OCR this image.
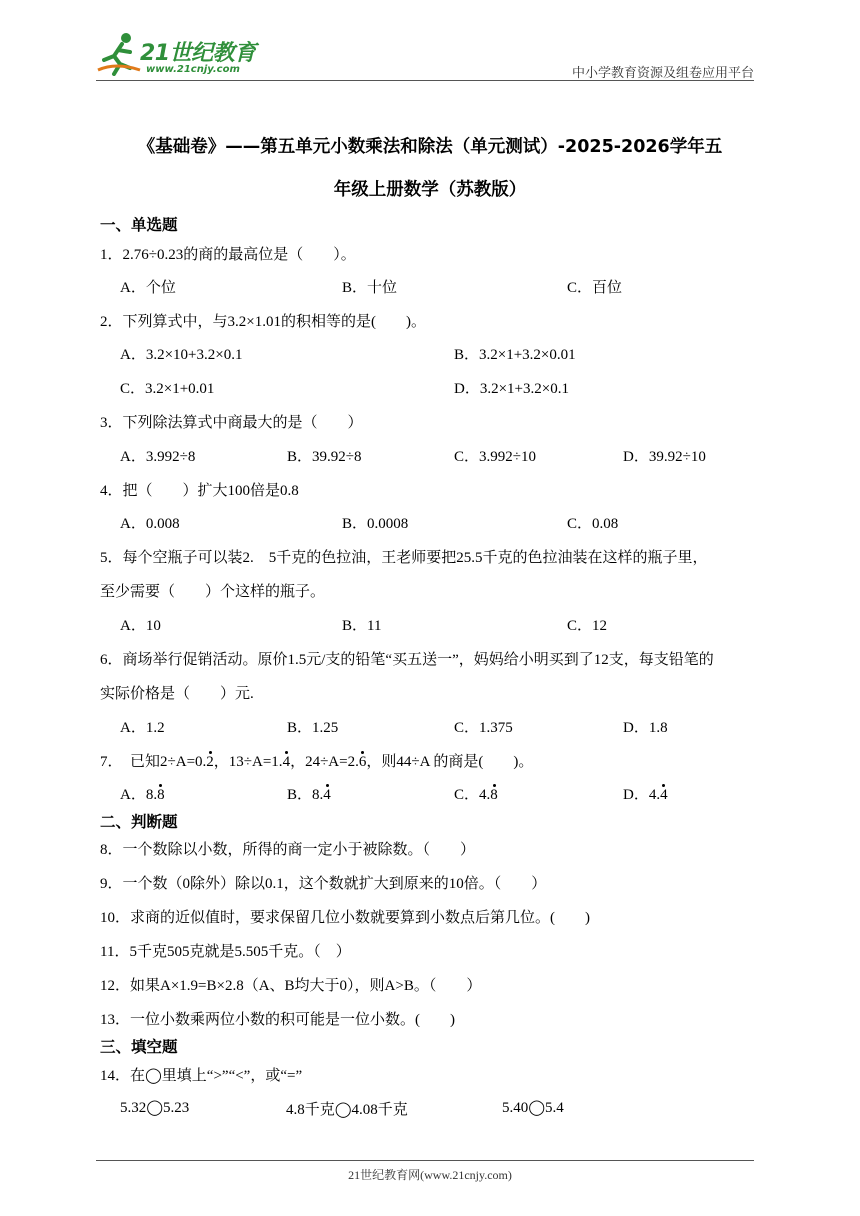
21世纪教育
www.21cnjy.com	中小学教育资源及组卷应用平台
《基础卷》——第五单元小数乘法和除法（单元测试）-2025-2026学年五
年级上册数学（苏教版）
一、单选题
1．2.76÷0.23的商的最高位是（　　）。
A．个位	B．十位	C．百位
2．下列算式中，与3.2×1.01的积相等的是(　　)。
A．3.2×10+3.2×0.1	B．3.2×1+3.2×0.01
C．3.2×1+0.01	D．3.2×1+3.2×0.1
3．下列除法算式中商最大的是（　　）
A．3.992÷8	B．39.92÷8	C．3.992÷10	D．39.92÷10
4．把（　　）扩大100倍是0.8
A．0.008	B．0.0008	C．0.08
5．每个空瓶子可以装2.　5千克的色拉油，王老师要把25.5千克的色拉油装在这样的瓶子里，
至少需要（　　）个这样的瓶子。
A．10	B．11	C．12
6．商场举行促销活动。原价1.5元/支的铅笔“买五送一”，妈妈给小明买到了12支，每支铅笔的
实际价格是（　　）元.
A．1.2	B．1.25	C．1.375	D．1.8
7．　已知2÷A=0.2，13÷A=1.4，24÷A=2.6，则44÷A 的商是(　　)。
A．8.8	B．8.4	C．4.8	D．4.4
二、判断题
8．一个数除以小数，所得的商一定小于被除数。（　　）
9．一个数（0除外）除以0.1，这个数就扩大到原来的10倍。（　　）
10．求商的近似值时，要求保留几位小数就要算到小数点后第几位。(　　)
11．5千克505克就是5.505千克。（　）
12．如果A×1.9=B×2.8（A、B均大于0），则A>B。（　　）
13．一位小数乘两位小数的积可能是一位小数。(　　)
三、填空题
14．在◯里填上“>”“<”，或“=”
5.32◯5.23	4.8千克◯4.08千克	5.40◯5.4
21世纪教育网(www.21cnjy.com)
